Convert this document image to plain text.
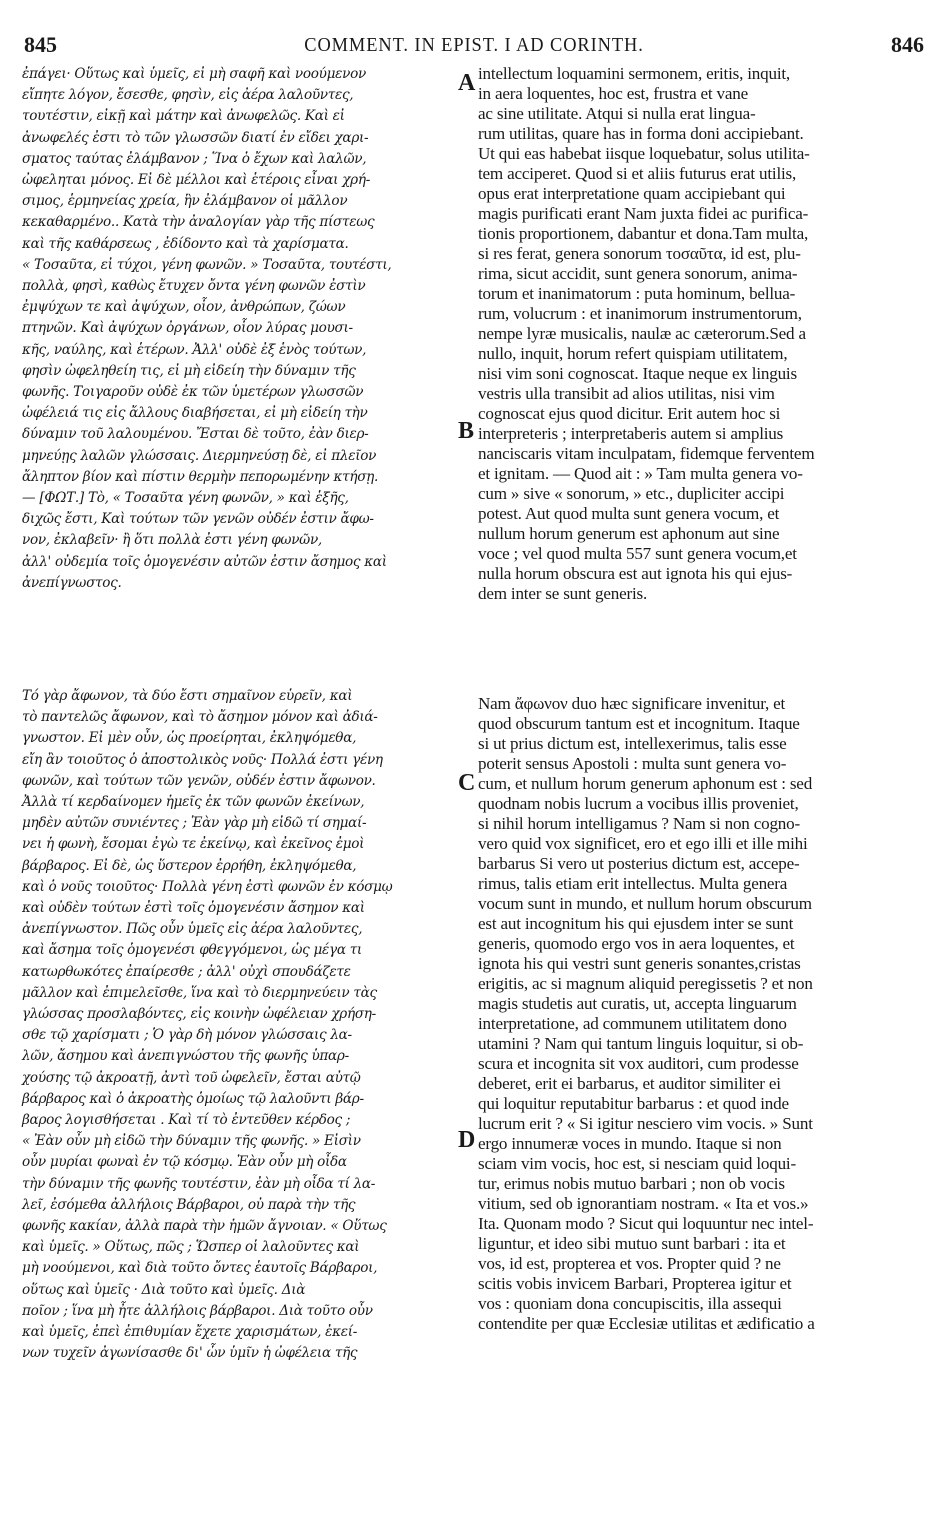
845	COMMENT. IN EPIST. I AD CORINTH.	846

ἐπάγει· Οὕτως καὶ ὑμεῖς, εἰ μὴ σαφῆ καὶ νοούμενον
εἴπητε λόγον, ἔσεσθε, φησὶν, εἰς ἀέρα λαλοῦντες,
τουτέστιν, εἰκῇ καὶ μάτην καὶ ἀνωφελῶς. Καὶ εἰ
ἀνωφελές ἐστι τὸ τῶν γλωσσῶν διατί ἐν εἴδει χαρι-
σματος ταύτας ἐλάμβανον ; Ἵνα ὁ ἔχων καὶ λαλῶν,
ὠφεληται μόνος. Εἰ δὲ μέλλοι καὶ ἑτέροις εἶναι χρή-
σιμος, ἑρμηνείας χρεία, ἣν ἐλάμβανον οἱ μᾶλλον
κεκαθαρμένο.. Κατὰ τὴν ἀναλογίαν γὰρ τῆς πίστεως
καὶ τῆς καθάρσεως , ἐδίδοντο καὶ τὰ χαρίσματα.
« Τοσαῦτα, εἰ τύχοι, γένη φωνῶν. » Τοσαῦτα, τουτέστι,
πολλὰ, φησὶ, καθὼς ἔτυχεν ὄντα γένη φωνῶν ἐστὶν
ἐμψύχων τε καὶ ἀψύχων, οἷον, ἀνθρώπων, ζώων
πτηνῶν. Καὶ ἀψύχων ὀργάνων, οἷον λύρας μουσι-
κῆς, ναύλης, καὶ ἑτέρων. Ἀλλ' οὐδὲ ἐξ ἑνὸς τούτων,
φησὶν ὠφεληθείη τις, εἰ μὴ εἰδείη τὴν δύναμιν τῆς
φωνῆς. Τοιγαροῦν οὐδὲ ἐκ τῶν ὑμετέρων γλωσσῶν
ὠφέλειά τις εἰς ἄλλους διαβήσεται, εἰ μὴ εἰδείη τὴν
δύναμιν τοῦ λαλουμένου. Ἔσται δὲ τοῦτο, ἐὰν διερ-
μηνεύῃς λαλῶν γλώσσαις. Διερμηνεύσῃ δὲ, εἰ πλεῖον
ἄληπτον βίον καὶ πίστιν θερμὴν πεπορωμένην κτήσῃ.
— [ΦΩΤ.] Τὸ, « Τοσαῦτα γένη φωνῶν, » καὶ ἑξῆς,
διχῶς ἔστι, Καὶ τούτων τῶν γενῶν οὐδέν ἐστιν ἄφω-
νον, ἐκλαβεῖν· ἢ ὅτι πολλὰ ἐστι γένη φωνῶν,
ἀλλ' οὐδεμία τοῖς ὁμογενέσιν αὐτῶν ἐστιν ἄσημος καὶ
ἀνεπίγνωστος.

Τό γὰρ ἄφωνον, τὰ δύο ἔστι σημαῖνον εὑρεῖν, καὶ
τὸ παντελῶς ἄφωνον, καὶ τὸ ἄσημον μόνον καὶ ἀδιά-
γνωστον. Εἰ μὲν οὖν, ὡς προείρηται, ἐκληψόμεθα,
εἴη ἂν τοιοῦτος ὁ ἀποστολικὸς νοῦς· Πολλά ἐστι γένη
φωνῶν, καὶ τούτων τῶν γενῶν, οὐδέν ἐστιν ἄφωνον.
Ἀλλὰ τί κερδαίνομεν ἡμεῖς ἐκ τῶν φωνῶν ἐκείνων,
μηδὲν αὐτῶν συνιέντες ; Ἐὰν γὰρ μὴ εἰδῶ τί σημαί-
νει ἡ φωνὴ, ἔσομαι ἐγὼ τε ἐκείνῳ, καὶ ἐκεῖνος ἐμοὶ
βάρβαρος. Εἰ δὲ, ὡς ὕστερον ἐρρήθη, ἐκληψόμεθα,
καὶ ὁ νοῦς τοιοῦτος· Πολλὰ γένη ἐστὶ φωνῶν ἐν κόσμῳ
καὶ οὐδὲν τούτων ἐστὶ τοῖς ὁμογενέσιν ἄσημον καὶ
ἀνεπίγνωστον. Πῶς οὖν ὑμεῖς εἰς ἀέρα λαλοῦντες,
καὶ ἄσημα τοῖς ὁμογενέσι φθεγγόμενοι, ὡς μέγα τι
κατωρθωκότες ἐπαίρεσθε ; ἀλλ' οὐχὶ σπουδάζετε
μᾶλλον καὶ ἐπιμελεῖσθε, ἵνα καὶ τὸ διερμηνεύειν τὰς
γλώσσας προσλαβόντες, εἰς κοινὴν ὠφέλειαν χρήση-
σθε τῷ χαρίσματι ; Ὁ γὰρ δὴ μόνον γλώσσαις λα-
λῶν, ἄσημου καὶ ἀνεπιγνώστου τῆς φωνῆς ὑπαρ-
χούσης τῷ ἀκροατῇ, ἀντὶ τοῦ ὠφελεῖν, ἔσται αὐτῷ
βάρβαρος καὶ ὁ ἀκροατὴς ὁμοίως τῷ λαλοῦντι βάρ-
βαρος λογισθήσεται . Καὶ τί τὸ ἐντεῦθεν κέρδος ;
« Ἐὰν οὖν μὴ εἰδῶ τὴν δύναμιν τῆς φωνῆς. » Εἰσὶν
οὖν μυρίαι φωναὶ ἐν τῷ κόσμῳ. Ἐὰν οὖν μὴ οἶδα
τὴν δύναμιν τῆς φωνῆς τουτέστιν, ἐὰν μὴ οἶδα τί λα-
λεῖ, ἐσόμεθα ἀλλήλοις Βάρβαροι, οὐ παρὰ τὴν τῆς
φωνῆς κακίαν, ἀλλὰ παρὰ τὴν ἡμῶν ἄγνοιαν. « Οὕτως
καὶ ὑμεῖς. » Οὕτως, πῶς ; Ὥσπερ οἱ λαλοῦντες καὶ
μὴ νοούμενοι, καὶ διὰ τοῦτο ὄντες ἑαυτοῖς Βάρβαροι,
οὕτως καὶ ὑμεῖς · Διὰ τοῦτο καὶ ὑμεῖς. Διὰ
ποῖον ; ἵνα μὴ ἦτε ἀλλήλοις βάρβαροι. Διὰ τοῦτο οὖν
καὶ ὑμεῖς, ἐπεὶ ἐπιθυμίαν ἔχετε χαρισμάτων, ἐκεί-
νων τυχεῖν ἀγωνίσασθε δι' ὧν ὑμῖν ἡ ὠφέλεια τῆς

intellectum loquamini sermonem, eritis, inquit,
in aera loquentes, hoc est, frustra et vane
ac sine utilitate. Atqui si nulla erat lingua-
rum utilitas, quare has in forma doni accipiebant.
Ut qui eas habebat iisque loquebatur, solus utilita-
tem acciperet. Quod si et aliis futurus erat utilis,
opus erat interpretatione quam accipiebant qui
magis purificati erant Nam juxta fidei ac purifica-
tionis proportionem, dabantur et dona.Tam multa,
si res ferat, genera sonorum τοσαῦτα, id est, plu-
rima, sicut accidit, sunt genera sonorum, anima-
torum et inanimatorum : puta hominum, bellua-
rum, volucrum : et inanimorum instrumentorum,
nempe lyræ musicalis, naulæ ac cæterorum.Sed a
nullo, inquit, horum refert quispiam utilitatem,
nisi vim soni cognoscat. Itaque neque ex linguis
vestris ulla transibit ad alios utilitas, nisi vim
cognoscat ejus quod dicitur. Erit autem hoc si
interpreteris ; interpretaberis autem si amplius
nanciscaris vitam inculpatam, fidemque ferventem
et ignitam. — Quod ait : » Tam multa genera vo-
cum » sive « sonorum, » etc., dupliciter accipi
potest. Aut quod multa sunt genera vocum, et
nullum horum generum est aphonum aut sine
voce ; vel quod multa 557 sunt genera vocum,et
nulla horum obscura est aut ignota his qui ejus-
dem inter se sunt generis.

Nam ἄφωνον duo hæc significare invenitur, et
quod obscurum tantum est et incognitum. Itaque
si ut prius dictum est, intellexerimus, talis esse
poterit sensus Apostoli : multa sunt genera vo-
cum, et nullum horum generum aphonum est : sed
quodnam nobis lucrum a vocibus illis proveniet,
si nihil horum intelligamus ? Nam si non cogno-
vero quid vox significet, ero et ego illi et ille mihi
barbarus Si vero ut posterius dictum est, accepe-
rimus, talis etiam erit intellectus. Multa genera
vocum sunt in mundo, et nullum horum obscurum
est aut incognitum his qui ejusdem inter se sunt
generis, quomodo ergo vos in aera loquentes, et
ignota his qui vestri sunt generis sonantes,cristas
erigitis, ac si magnum aliquid peregissetis ? et non
magis studetis aut curatis, ut, accepta linguarum
interpretatione, ad communem utilitatem dono
utamini ? Nam qui tantum linguis loquitur, si ob-
scura et incognita sit vox auditori, cum prodesse
deberet, erit ei barbarus, et auditor similiter ei
qui loquitur reputabitur barbarus : et quod inde
lucrum erit ? « Si igitur nesciero vim vocis. » Sunt
ergo innumeræ voces in mundo. Itaque si non
sciam vim vocis, hoc est, si nesciam quid loqui-
tur, erimus nobis mutuo barbari ; non ob vocis
vitium, sed ob ignorantiam nostram. « Ita et vos.»
Ita. Quonam modo ? Sicut qui loquuntur nec intel-
liguntur, et ideo sibi mutuo sunt barbari : ita et
vos, id est, propterea et vos. Propter quid ? ne
scitis vobis invicem Barbari, Propterea igitur et
vos : quoniam dona concupiscitis, illa assequi
contendite per quæ Ecclesiæ utilitas et ædificatio a

A
B
C
D
